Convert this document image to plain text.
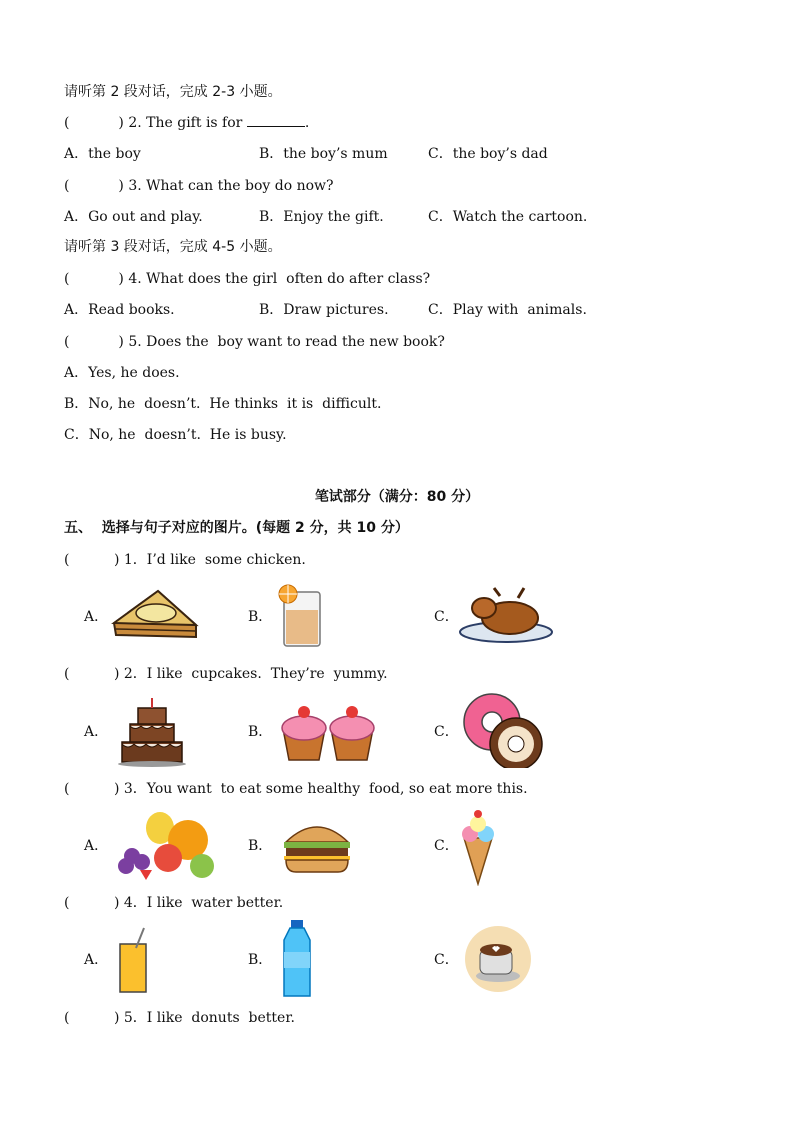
请听第 2 段对话，完成 2-3 小题。
(           ) 2. The gift is for	.
A．the boy	B．the boy’s mum	C．the boy’s dad
(           ) 3. What can the boy do now?
A．Go out and play.	B．Enjoy the gift.	C．Watch the cartoon.
请听第 3 段对话，完成 4-5 小题。
(           ) 4. What does the girl  often do after class?
A．Read books.	B．Draw pictures.	C．Play with  animals.
(           ) 5. Does the  boy want to read the new book?
A．Yes, he does.
B．No, he  doesn’t.  He thinks  it is  difficult.
C．No, he  doesn’t.  He is busy.
笔试部分（满分：80 分）
五、  选择与句子对应的图片。(每题 2 分，共 10 分）
(          ) 1．I’d like  some chicken.
A．	B．	C．
(          ) 2．I like  cupcakes.  They’re  yummy.
A．	B．	C．
(          ) 3．You want  to eat some healthy  food, so eat more this.
A．	B．	C．
(          ) 4．I like  water better.
A．	B．	C．
(          ) 5．I like  donuts  better.
